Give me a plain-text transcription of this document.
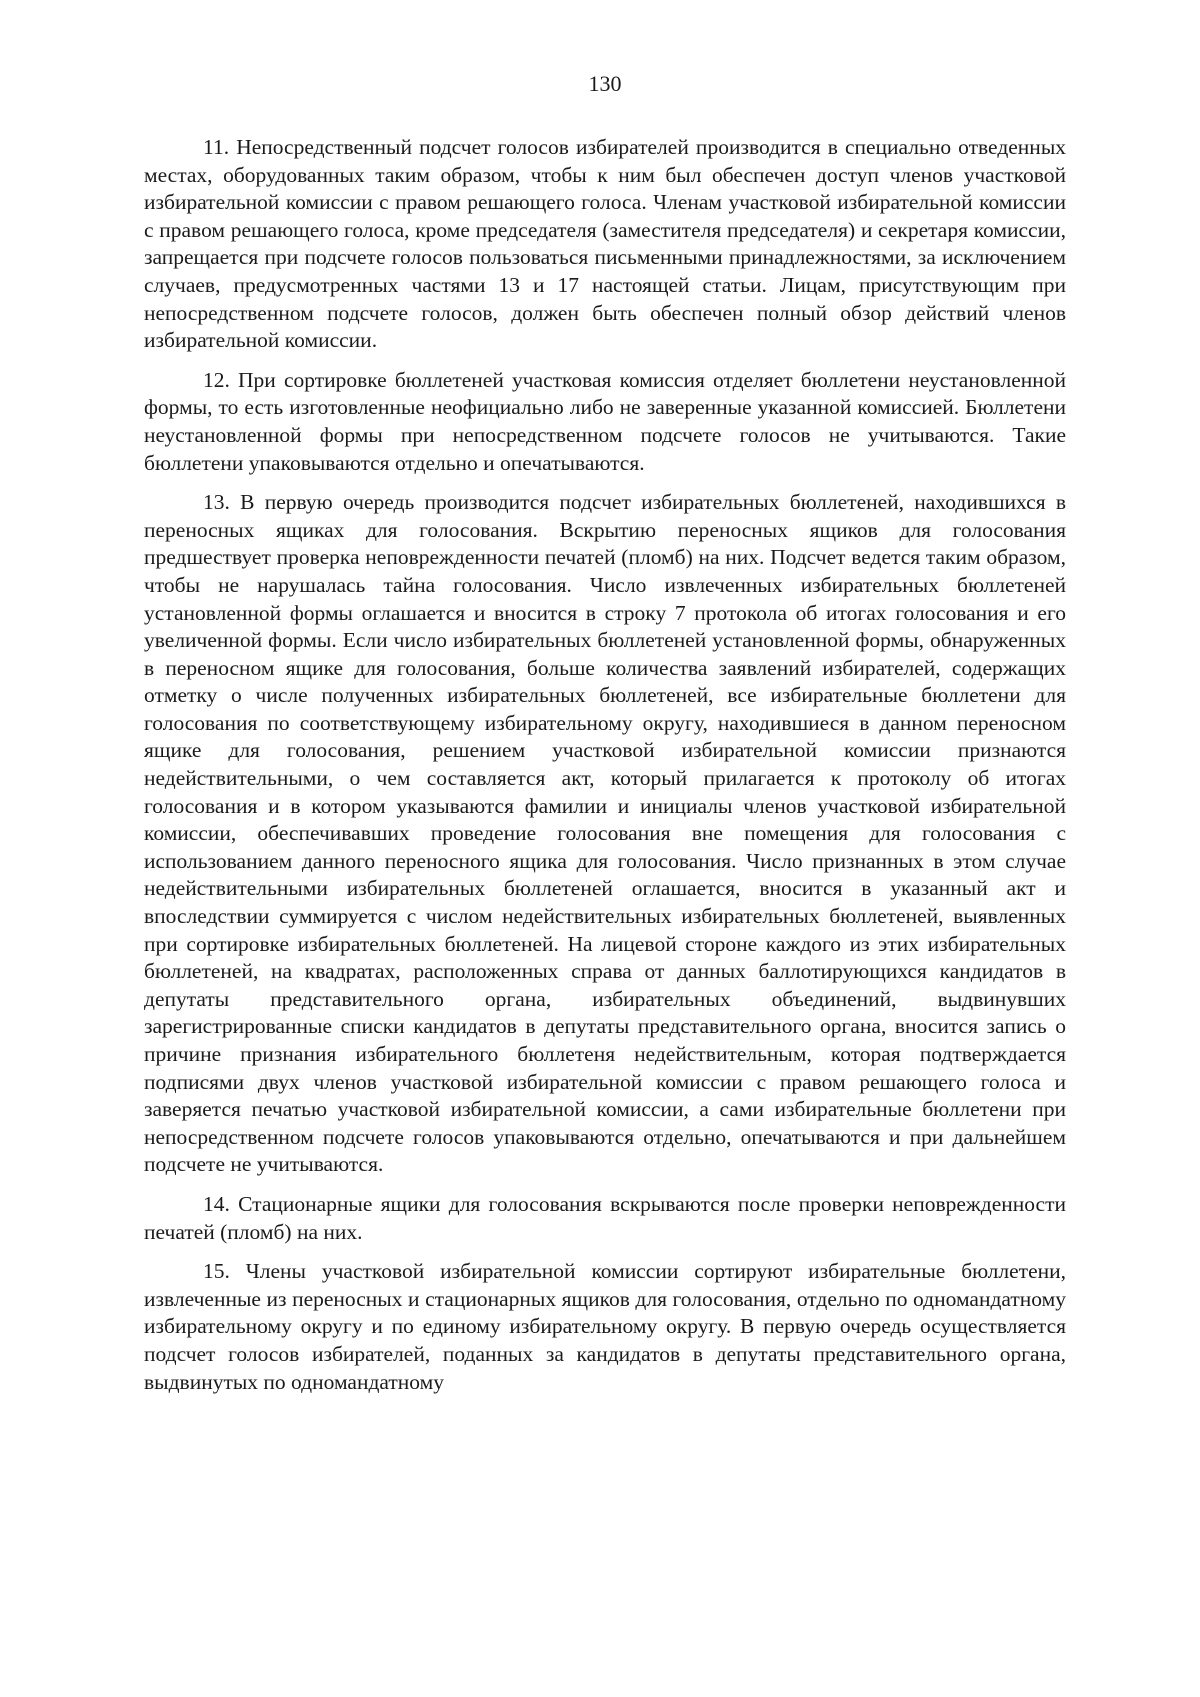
130

11. Непосредственный подсчет голосов избирателей производится в специально отведенных местах, оборудованных таким образом, чтобы к ним был обеспечен доступ членов участковой избирательной комиссии с правом решающего голоса. Членам участковой избирательной комиссии с правом решающего голоса, кроме председателя (заместителя председателя) и секретаря комиссии, запрещается при подсчете голосов пользоваться письменными принадлежностями, за исключением случаев, предусмотренных частями 13 и 17 настоящей статьи. Лицам, присутствующим при непосредственном подсчете голосов, должен быть обеспечен полный обзор действий членов избирательной комиссии.

12. При сортировке бюллетеней участковая комиссия отделяет бюллетени неустановленной формы, то есть изготовленные неофициально либо не заверенные указанной комиссией. Бюллетени неустановленной формы при непосредственном подсчете голосов не учитываются. Такие бюллетени упаковываются отдельно и опечатываются.

13. В первую очередь производится подсчет избирательных бюллетеней, находившихся в переносных ящиках для голосования. Вскрытию переносных ящиков для голосования предшествует проверка неповрежденности печатей (пломб) на них. Подсчет ведется таким образом, чтобы не нарушалась тайна голосования. Число извлеченных избирательных бюллетеней установленной формы оглашается и вносится в строку 7 протокола об итогах голосования и его увеличенной формы. Если число избирательных бюллетеней установленной формы, обнаруженных в переносном ящике для голосования, больше количества заявлений избирателей, содержащих отметку о числе полученных избирательных бюллетеней, все избирательные бюллетени для голосования по соответствующему избирательному округу, находившиеся в данном переносном ящике для голосования, решением участковой избирательной комиссии признаются недействительными, о чем составляется акт, который прилагается к протоколу об итогах голосования и в котором указываются фамилии и инициалы членов участковой избирательной комиссии, обеспечивавших проведение голосования вне помещения для голосования с использованием данного переносного ящика для голосования. Число признанных в этом случае недействительными избирательных бюллетеней оглашается, вносится в указанный акт и впоследствии суммируется с числом недействительных избирательных бюллетеней, выявленных при сортировке избирательных бюллетеней. На лицевой стороне каждого из этих избирательных бюллетеней, на квадратах, расположенных справа от данных баллотирующихся кандидатов в депутаты представительного органа, избирательных объединений, выдвинувших зарегистрированные списки кандидатов в депутаты представительного органа, вносится запись о причине признания избирательного бюллетеня недействительным, которая подтверждается подписями двух членов участковой избирательной комиссии с правом решающего голоса и заверяется печатью участковой избирательной комиссии, а сами избирательные бюллетени при непосредственном подсчете голосов упаковываются отдельно, опечатываются и при дальнейшем подсчете не учитываются.

14. Стационарные ящики для голосования вскрываются после проверки неповрежденности печатей (пломб) на них.

15. Члены участковой избирательной комиссии сортируют избирательные бюллетени, извлеченные из переносных и стационарных ящиков для голосования, отдельно по одномандатному избирательному округу и по единому избирательному округу. В первую очередь осуществляется подсчет голосов избирателей, поданных за кандидатов в депутаты представительного органа, выдвинутых по одномандатному
